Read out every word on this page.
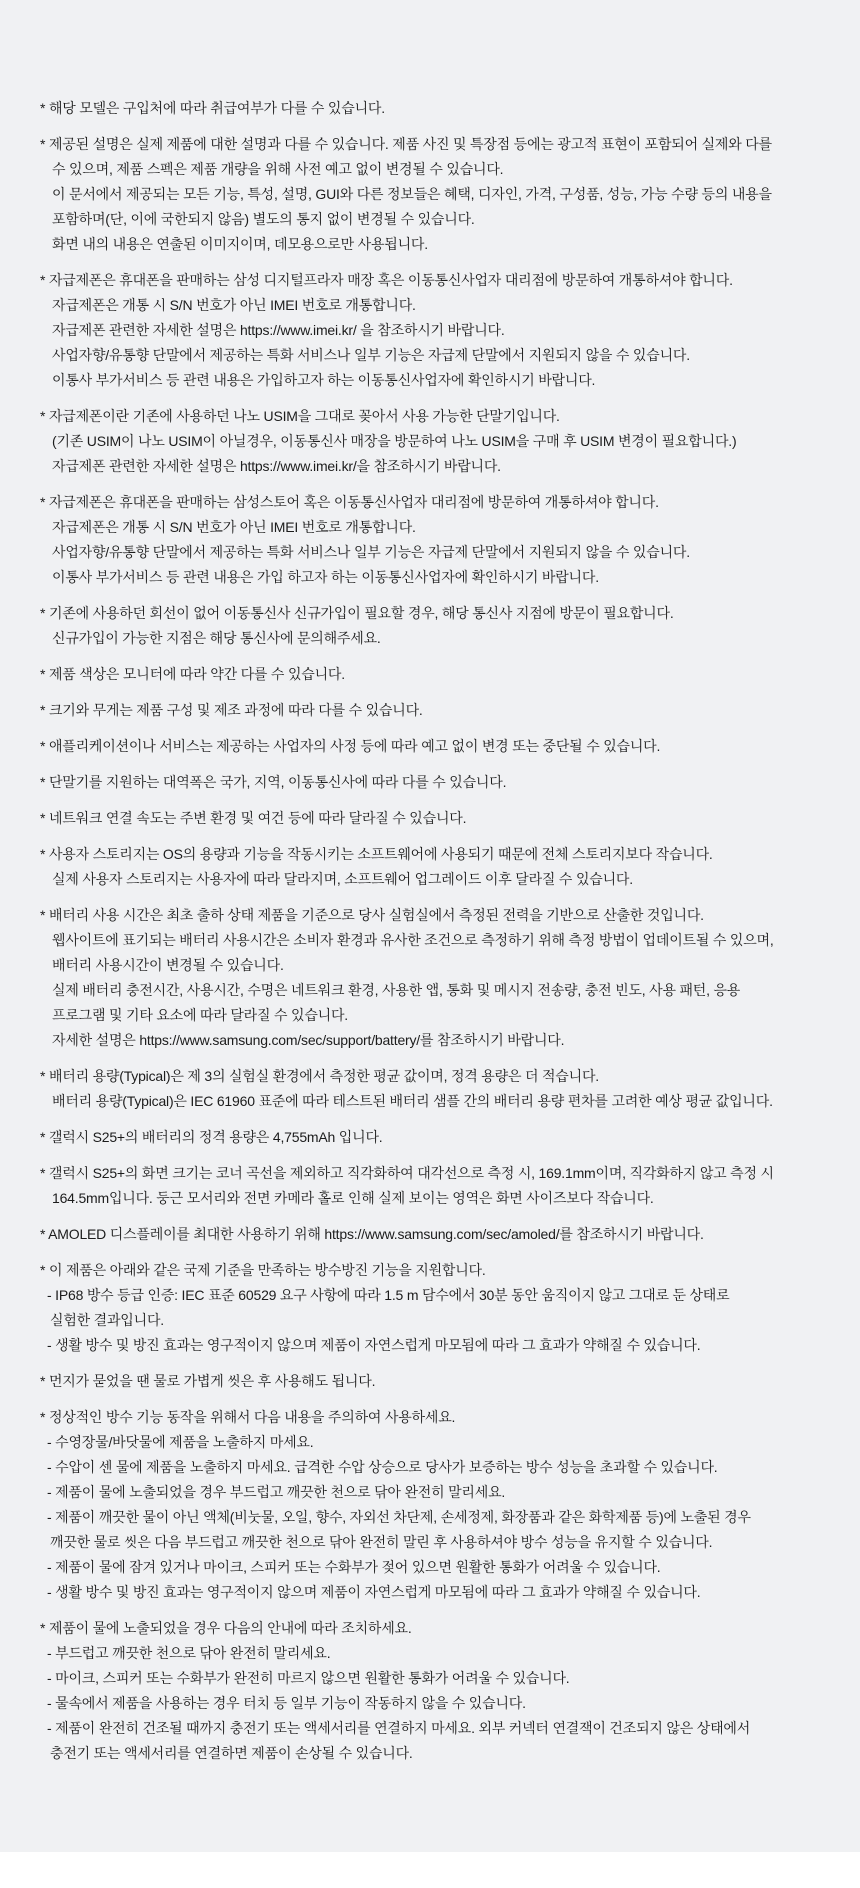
* 해당 모델은 구입처에 따라 취급여부가 다를 수 있습니다.
* 제공된 설명은 실제 제품에 대한 설명과 다를 수 있습니다. 제품 사진 및 특장점 등에는 광고적 표현이 포함되어 실제와 다를
수 있으며, 제품 스펙은 제품 개량을 위해 사전 예고 없이 변경될 수 있습니다.
이 문서에서 제공되는 모든 기능, 특성, 설명, GUI와 다른 정보들은 혜택, 디자인, 가격, 구성품, 성능, 가능 수량 등의 내용을
포함하며(단, 이에 국한되지 않음) 별도의 통지 없이 변경될 수 있습니다.
화면 내의 내용은 연출된 이미지이며, 데모용으로만 사용됩니다.
* 자급제폰은 휴대폰을 판매하는 삼성 디지털프라자 매장 혹은 이동통신사업자 대리점에 방문하여 개통하셔야 합니다.
자급제폰은 개통 시 S/N 번호가 아닌 IMEI 번호로 개통합니다.
자급제폰 관련한 자세한 설명은 https://www.imei.kr/ 을 참조하시기 바랍니다.
사업자향/유통향 단말에서 제공하는 특화 서비스나 일부 기능은 자급제 단말에서 지원되지 않을 수 있습니다.
이통사 부가서비스 등 관련 내용은 가입하고자 하는 이동통신사업자에 확인하시기 바랍니다.
* 자급제폰이란 기존에 사용하던 나노 USIM을 그대로 꽂아서 사용 가능한 단말기입니다.
(기존 USIM이 나노 USIM이 아닐경우, 이동통신사 매장을 방문하여 나노 USIM을 구매 후 USIM 변경이 필요합니다.)
자급제폰 관련한 자세한 설명은 https://www.imei.kr/을 참조하시기 바랍니다.
* 자급제폰은 휴대폰을 판매하는 삼성스토어 혹은 이동통신사업자 대리점에 방문하여 개통하셔야 합니다.
자급제폰은 개통 시 S/N 번호가 아닌 IMEI 번호로 개통합니다.
사업자향/유통향 단말에서 제공하는 특화 서비스나 일부 기능은 자급제 단말에서 지원되지 않을 수 있습니다.
이통사 부가서비스 등 관련 내용은 가입 하고자 하는 이동통신사업자에 확인하시기 바랍니다.
* 기존에 사용하던 회선이 없어 이동통신사 신규가입이 필요할 경우, 해당 통신사 지점에 방문이 필요합니다.
신규가입이 가능한 지점은 해당 통신사에 문의해주세요.
* 제품 색상은 모니터에 따라 약간 다를 수 있습니다.
* 크기와 무게는 제품 구성 및 제조 과정에 따라 다를 수 있습니다.
* 애플리케이션이나 서비스는 제공하는 사업자의 사정 등에 따라 예고 없이 변경 또는 중단될 수 있습니다.
* 단말기를 지원하는 대역폭은 국가, 지역, 이동통신사에 따라 다를 수 있습니다.
* 네트워크 연결 속도는 주변 환경 및 여건 등에 따라 달라질 수 있습니다.
* 사용자 스토리지는 OS의 용량과 기능을 작동시키는 소프트웨어에 사용되기 때문에 전체 스토리지보다 작습니다.
실제 사용자 스토리지는 사용자에 따라 달라지며, 소프트웨어 업그레이드 이후 달라질 수 있습니다.
* 배터리 사용 시간은 최초 출하 상태 제품을 기준으로 당사 실험실에서 측정된 전력을 기반으로 산출한 것입니다.
웹사이트에 표기되는 배터리 사용시간은 소비자 환경과 유사한 조건으로 측정하기 위해 측정 방법이 업데이트될 수 있으며,
배터리 사용시간이 변경될 수 있습니다.
실제 배터리 충전시간, 사용시간, 수명은 네트워크 환경, 사용한 앱, 통화 및 메시지 전송량, 충전 빈도, 사용 패턴, 응용
프로그램 및 기타 요소에 따라 달라질 수 있습니다.
자세한 설명은 https://www.samsung.com/sec/support/battery/를 참조하시기 바랍니다.
* 배터리 용량(Typical)은 제 3의 실험실 환경에서 측정한 평균 값이며, 정격 용량은 더 적습니다.
배터리 용량(Typical)은 IEC 61960 표준에 따라 테스트된 배터리 샘플 간의 배터리 용량 편차를 고려한 예상 평균 값입니다.
* 갤럭시 S25+의 배터리의 정격 용량은 4,755mAh 입니다.
* 갤럭시 S25+의 화면 크기는 코너 곡선을 제외하고 직각화하여 대각선으로 측정 시, 169.1mm이며, 직각화하지 않고 측정 시
164.5mm입니다. 둥근 모서리와 전면 카메라 홀로 인해 실제 보이는 영역은 화면 사이즈보다 작습니다.
* AMOLED 디스플레이를 최대한 사용하기 위해 https://www.samsung.com/sec/amoled/를 참조하시기 바랍니다.
* 이 제품은 아래와 같은 국제 기준을 만족하는 방수방진 기능을 지원합니다.
- IP68 방수 등급 인증: IEC 표준 60529 요구 사항에 따라 1.5 m 담수에서 30분 동안 움직이지 않고 그대로 둔 상태로
실험한 결과입니다.
- 생활 방수 및 방진 효과는 영구적이지 않으며 제품이 자연스럽게 마모됨에 따라 그 효과가 약해질 수 있습니다.
* 먼지가 묻었을 땐 물로 가볍게 씻은 후 사용해도 됩니다.
* 정상적인 방수 기능 동작을 위해서 다음 내용을 주의하여 사용하세요.
- 수영장물/바닷물에 제품을 노출하지 마세요.
- 수압이 센 물에 제품을 노출하지 마세요. 급격한 수압 상승으로 당사가 보증하는 방수 성능을 초과할 수 있습니다.
- 제품이 물에 노출되었을 경우 부드럽고 깨끗한 천으로 닦아 완전히 말리세요.
- 제품이 깨끗한 물이 아닌 액체(비눗물, 오일, 향수, 자외선 차단제, 손세정제, 화장품과 같은 화학제품 등)에 노출된 경우
깨끗한 물로 씻은 다음 부드럽고 깨끗한 천으로 닦아 완전히 말린 후 사용하셔야 방수 성능을 유지할 수 있습니다.
- 제품이 물에 잠겨 있거나 마이크, 스피커 또는 수화부가 젖어 있으면 원활한 통화가 어려울 수 있습니다.
- 생활 방수 및 방진 효과는 영구적이지 않으며 제품이 자연스럽게 마모됨에 따라 그 효과가 약해질 수 있습니다.
* 제품이 물에 노출되었을 경우 다음의 안내에 따라 조치하세요.
- 부드럽고 깨끗한 천으로 닦아 완전히 말리세요.
- 마이크, 스피커 또는 수화부가 완전히 마르지 않으면 원활한 통화가 어려울 수 있습니다.
- 물속에서 제품을 사용하는 경우 터치 등 일부 기능이 작동하지 않을 수 있습니다.
- 제품이 완전히 건조될 때까지 충전기 또는 액세서리를 연결하지 마세요. 외부 커넥터 연결잭이 건조되지 않은 상태에서
충전기 또는 액세서리를 연결하면 제품이 손상될 수 있습니다.
